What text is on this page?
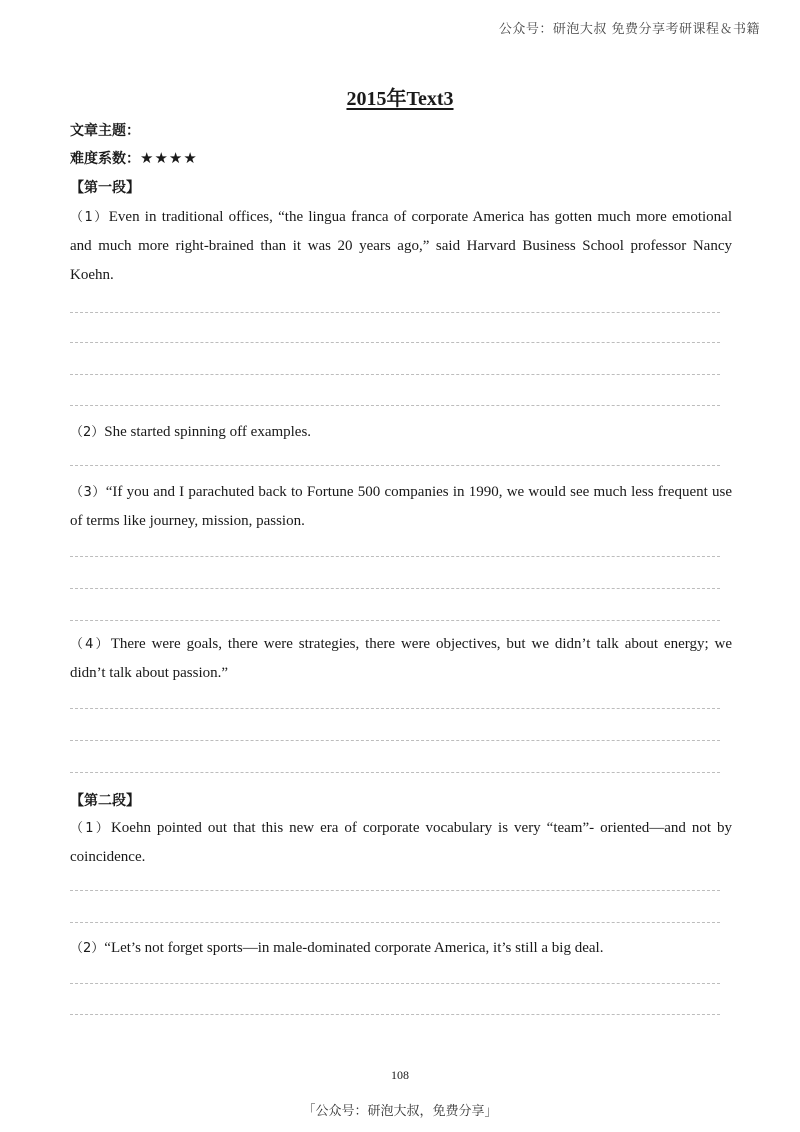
公众号：研泡大叔 免费分享考研课程＆书籍
2015年Text3
文章主题：
难度系数：★★★★
【第一段】
（1）Even in traditional offices, “the lingua franca of corporate America has gotten much more emotional and much more right-brained than it was 20 years ago,” said Harvard Business School professor Nancy Koehn.
（2）She started spinning off examples.
（3）“If you and I parachuted back to Fortune 500 companies in 1990, we would see much less frequent use of terms like journey, mission, passion.
（4）There were goals, there were strategies, there were objectives, but we didn’t talk about energy; we didn’t talk about passion.”
【第二段】
（1）Koehn pointed out that this new era of corporate vocabulary is very “team”- oriented—and not by coincidence.
（2）“Let’s not forget sports—in male-dominated corporate America, it’s still a big deal.
108
「公众号：研泡大叔，免费分享」
